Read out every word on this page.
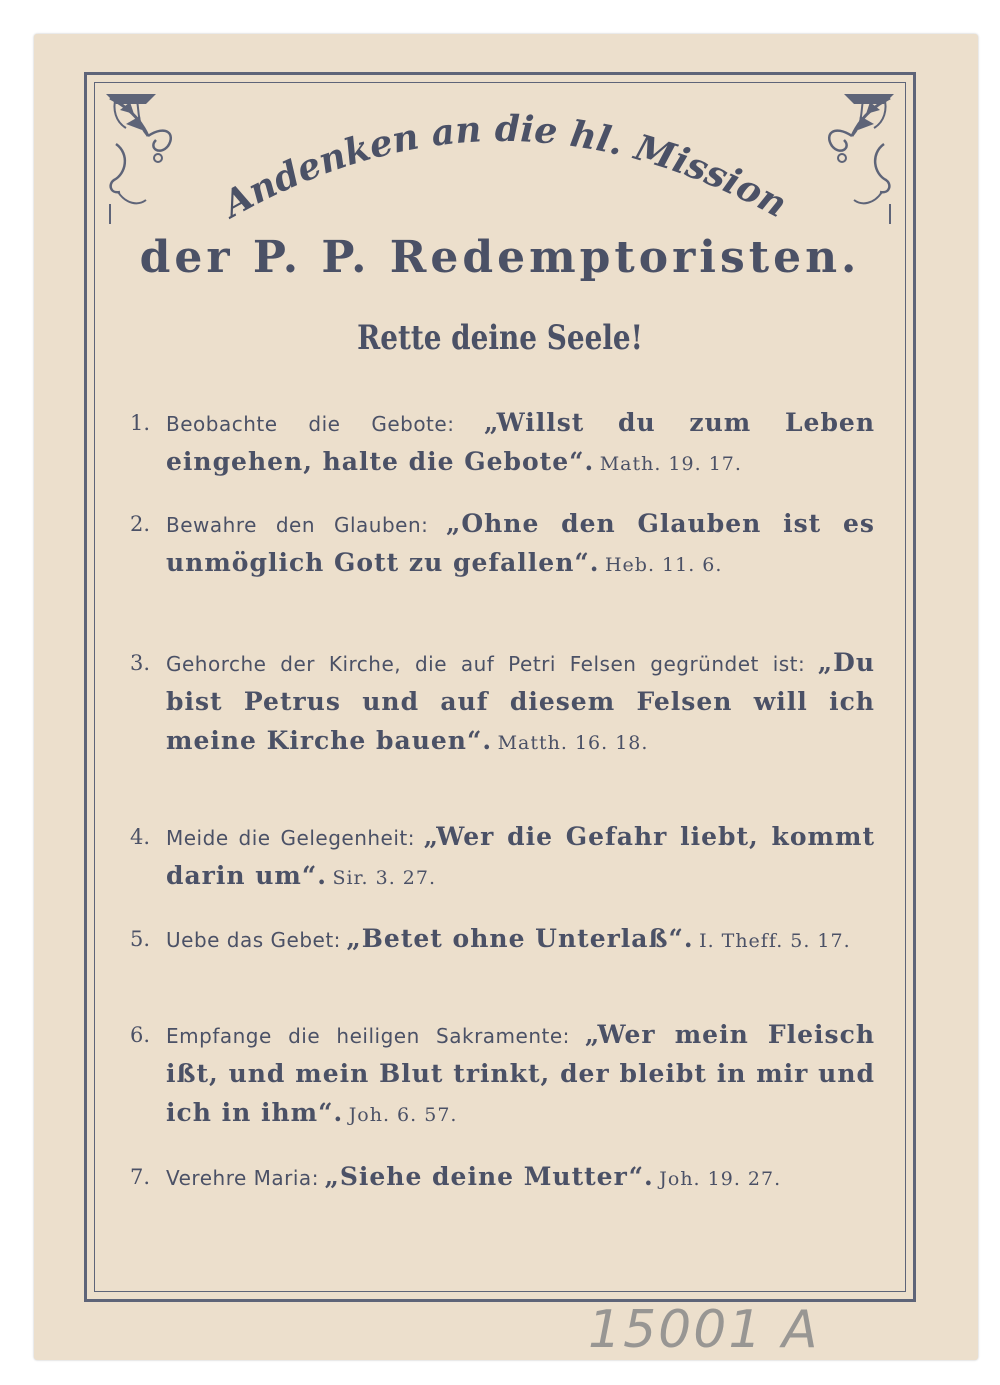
Andenken an die hl. Mission
der P. P. Redemptoristen.
Rette deine Seele!
1. Beobachte die Gebote: „Willst du zum Leben eingehen, halte die Gebote“. Math. 19. 17.
2. Bewahre den Glauben: „Ohne den Glauben ist es unmöglich Gott zu gefallen“. Heb. 11. 6.
3. Gehorche der Kirche, die auf Petri Felsen gegründet ist: „Du bist Petrus und auf diesem Felsen will ich meine Kirche bauen“. Matth. 16. 18.
4. Meide die Gelegenheit: „Wer die Gefahr liebt, kommt darin um“. Sir. 3. 27.
5. Uebe das Gebet: „Betet ohne Unterlaß“. I. Theff. 5. 17.
6. Empfange die heiligen Sakramente: „Wer mein Fleisch ißt, und mein Blut trinkt, der bleibt in mir und ich in ihm“. Joh. 6. 57.
7. Verehre Maria: „Siehe deine Mutter“. Joh. 19. 27.
15001 A
